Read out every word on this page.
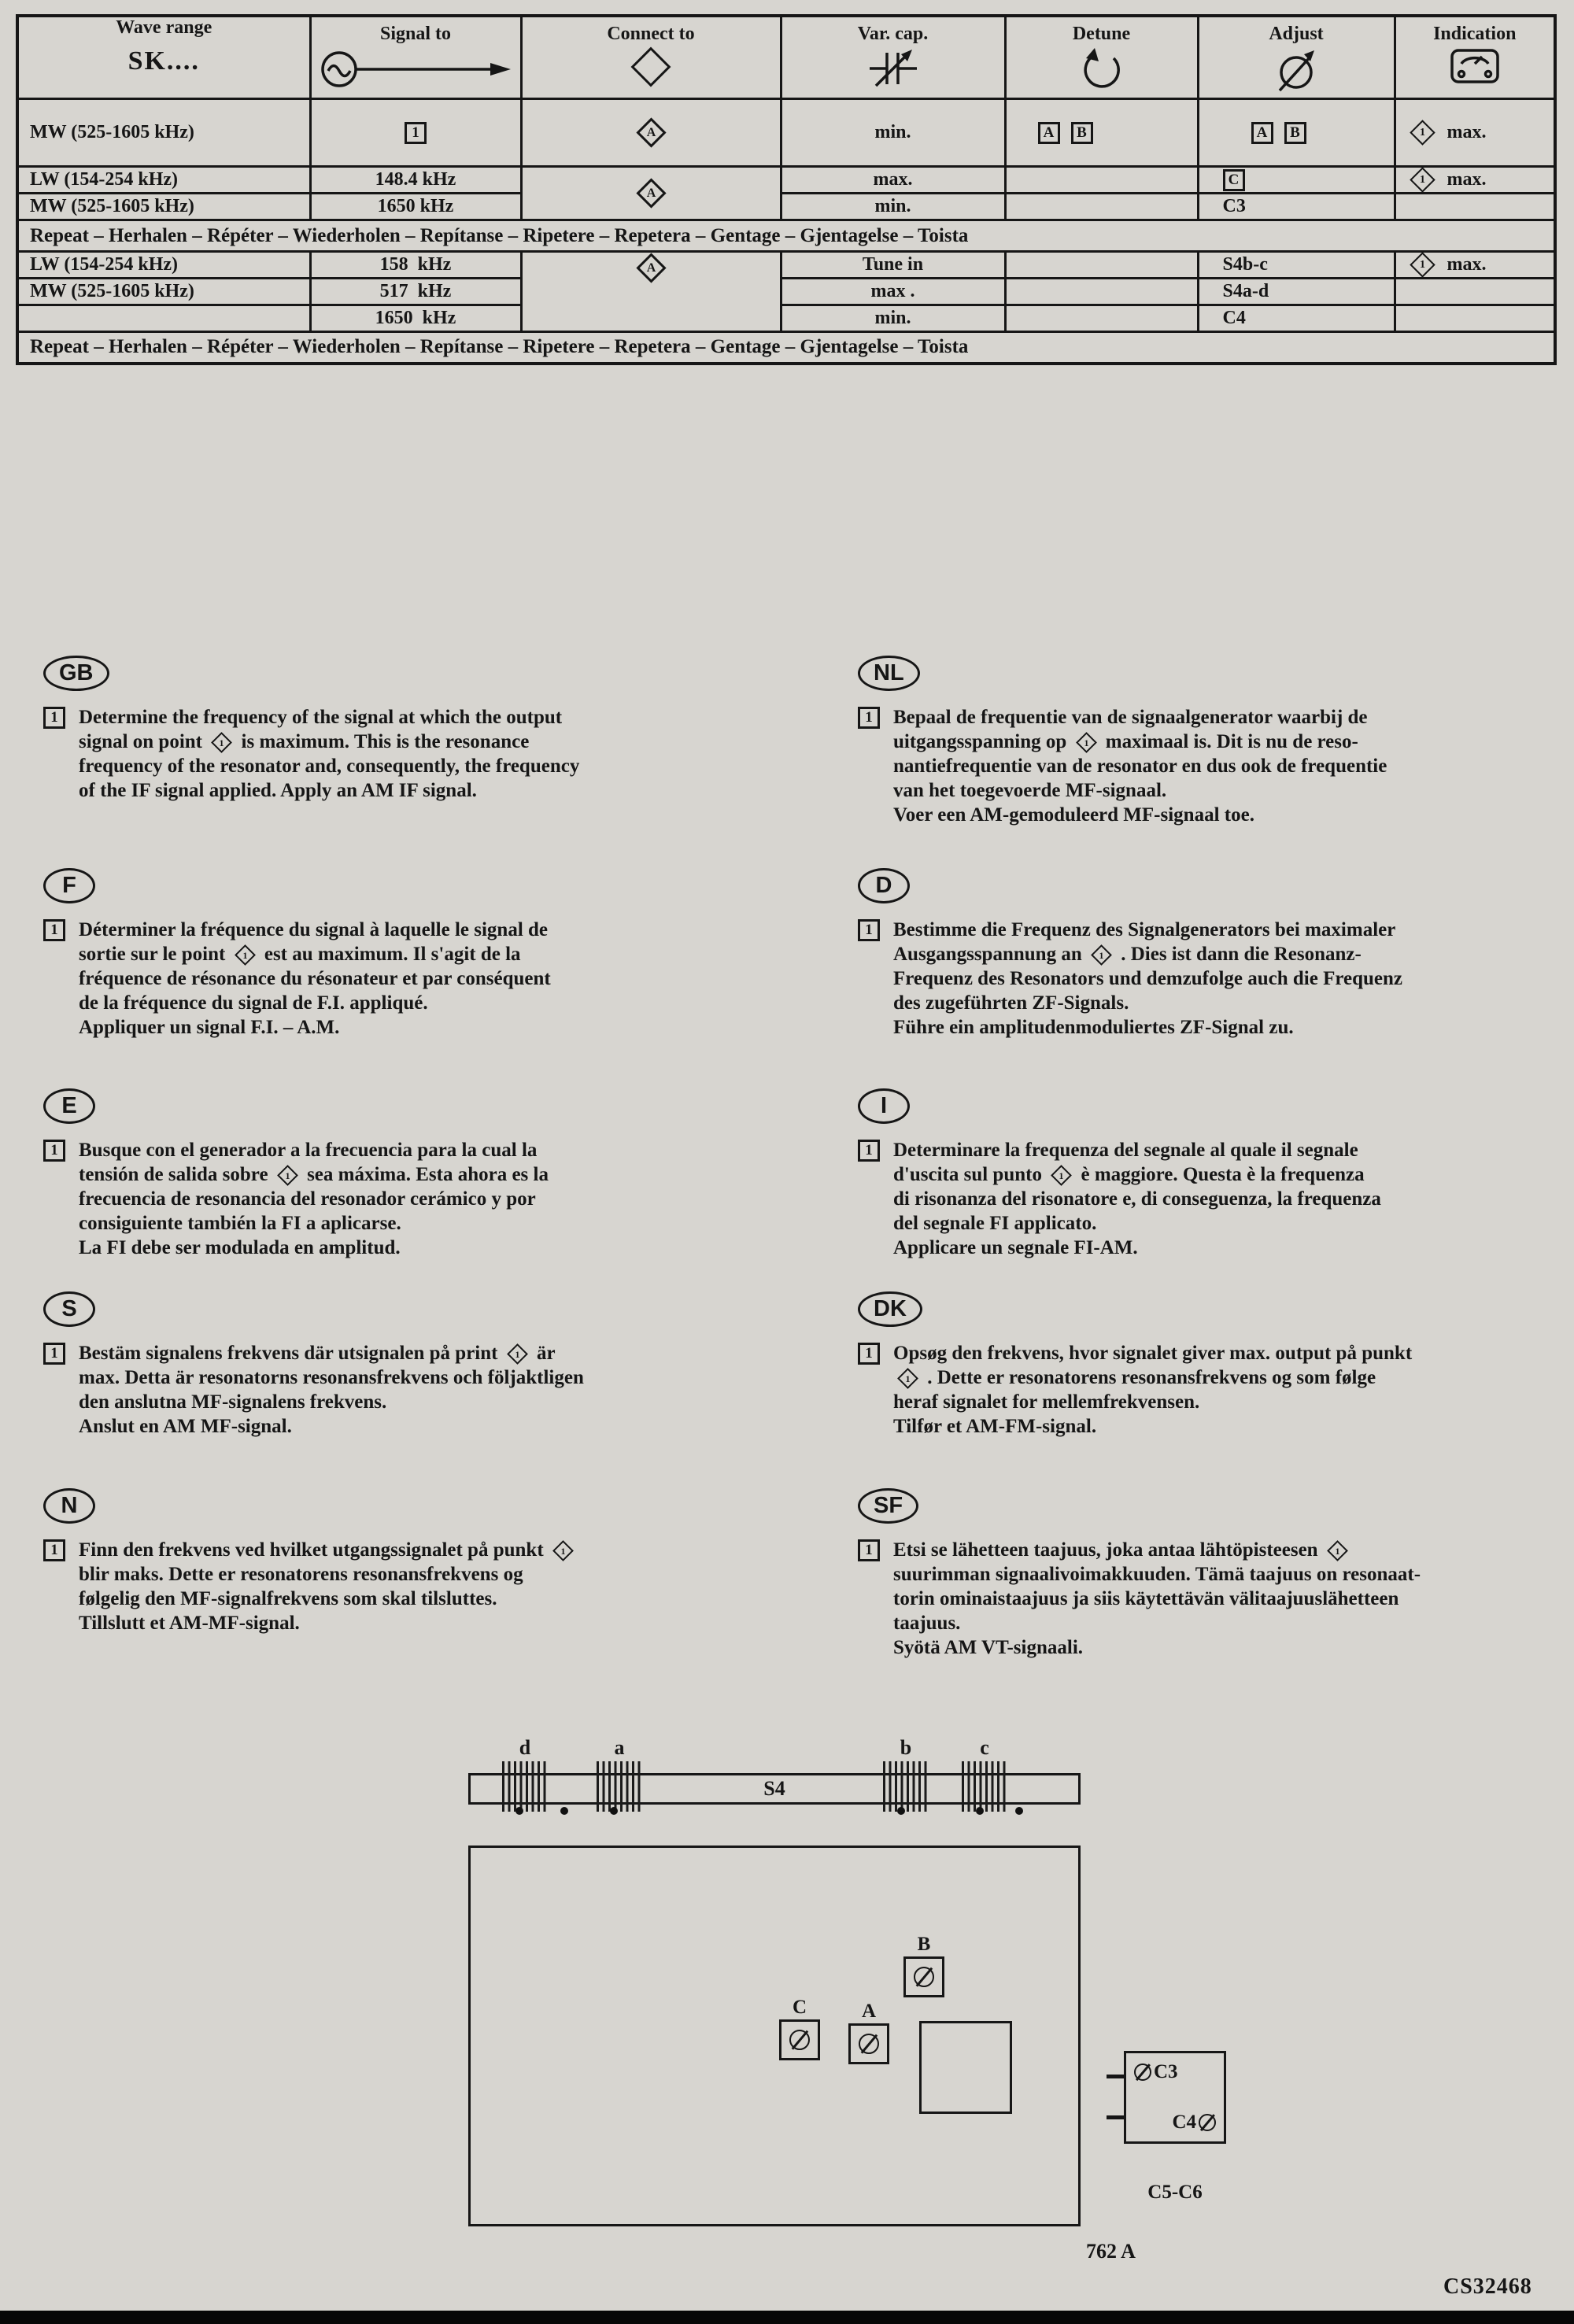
Wave range
SK....	Signal to	Connect to	Var. cap.	Detune	Adjust	Indication

MW (525-1605 kHz)	1	A	min.	A B	A B	1 max.

LW (154-254 kHz)	148.4 kHz	A	max.		C	1 max.

MW (525-1605 kHz)	1650 kHz		min.		C3	
Repeat – Herhalen – Répéter – Wiederholen – Repítanse – Ripetere – Repetera – Gentage – Gjentagelse – Toista						
LW (154-254 kHz)	158  kHz	A	Tune in		S4b-c	1 max.

MW (525-1605 kHz)	517  kHz		max .		S4a-d	
	1650  kHz		min.		C4	
Repeat – Herhalen – Répéter – Wiederholen – Repítanse – Ripetere – Repetera – Gentage – Gjentagelse – Toista						
GB
1	Determine the frequency of the signal at which the output
signal on point	1 is maximum. This is the resonance
frequency of the resonator and, consequently, the frequency
of the IF signal applied. Apply an AM IF signal.
NL
1	Bepaal de frequentie van de signaalgenerator waarbij de
uitgangsspanning op	1 maximaal is. Dit is nu de reso-
nantiefrequentie van de resonator en dus ook de frequentie
van het toegevoerde MF-signaal.
Voer een AM-gemoduleerd MF-signaal toe.
F
1	Déterminer la fréquence du signal à laquelle le signal de
sortie sur le point	1 est au maximum. Il s'agit de la
fréquence de résonance du résonateur et par conséquent
de la fréquence du signal de F.I. appliqué.
Appliquer un signal F.I. – A.M.
D
1	Bestimme die Frequenz des Signalgenerators bei maximaler
Ausgangsspannung an	1 . Dies ist dann die Resonanz-
Frequenz des Resonators und demzufolge auch die Frequenz
des zugeführten ZF-Signals.
Führe ein amplitudenmoduliertes ZF-Signal zu.
E
1	Busque con el generador a la frecuencia para la cual la
tensión de salida sobre	1 sea máxima. Esta ahora es la
frecuencia de resonancia del resonador cerámico y por
consiguiente también la FI a aplicarse.
La FI debe ser modulada en amplitud.
I
1	Determinare la frequenza del segnale al quale il segnale
d'uscita sul punto	1 è maggiore. Questa è la frequenza
di risonanza del risonatore e, di conseguenza, la frequenza
del segnale FI applicato.
Applicare un segnale FI-AM.
S
1	Bestäm signalens frekvens där utsignalen på print	1 är
max. Detta är resonatorns resonansfrekvens och följaktligen
den anslutna MF-signalens frekvens.
Anslut en AM MF-signal.
DK
1	Opsøg den frekvens, hvor signalet giver max. output på punkt

1 . Dette er resonatorens resonansfrekvens og som følge
heraf signalet for mellemfrekvensen.
Tilfør et AM-FM-signal.
N
1	Finn den frekvens ved hvilket utgangssignalet på punkt	1

blir maks. Dette er resonatorens resonansfrekvens og
følgelig den MF-signalfrekvens som skal tilsluttes.
Tillslutt et AM-MF-signal.
SF
1	Etsi se lähetteen taajuus, joka antaa lähtöpisteesen	1

suurimman signaalivoimakkuuden. Tämä taajuus on resonaat-
torin ominaistaajuus ja siis käytettävän välitaajuuslähetteen
taajuus.
Syötä AM VT-signaali.
d	a	b	c
S4
C	A
B
C3
C4
C5-C6
762 A
CS32468
